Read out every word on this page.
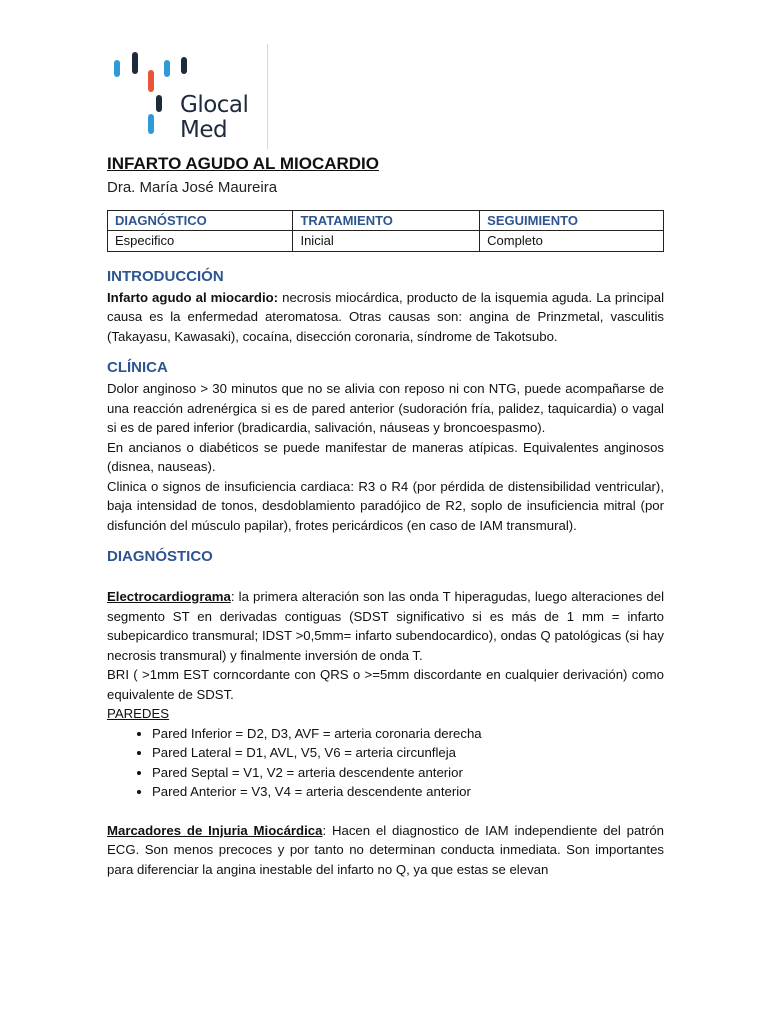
Glocal
Med
INFARTO AGUDO AL MIOCARDIO
Dra. María José Maureira
DIAGNÓSTICO	TRATAMIENTO	SEGUIMIENTO
Especifico	Inicial	Completo
INTRODUCCIÓN

Infarto agudo al miocardio: necrosis miocárdica, producto de la isquemia aguda. La principal causa es la enfermedad ateromatosa. Otras causas son: angina de Prinzmetal, vasculitis (Takayasu, Kawasaki), cocaína, disección coronaria, síndrome de Takotsubo.

CLÍNICA

Dolor anginoso > 30 minutos que no se alivia con reposo ni con NTG, puede acompañarse de una reacción adrenérgica si es de pared anterior (sudoración fría, palidez, taquicardia) o vagal si es de pared inferior (bradicardia, salivación, náuseas y broncoespasmo).

En ancianos o diabéticos se puede manifestar de maneras atípicas. Equivalentes anginosos (disnea, nauseas).

Clinica o signos de insuficiencia cardiaca: R3 o R4 (por pérdida de distensibilidad ventricular), baja intensidad de tonos, desdoblamiento paradójico de R2, soplo de insuficiencia mitral (por disfunción del músculo papilar), frotes pericárdicos (en caso de IAM transmural).

DIAGNÓSTICO

Electrocardiograma: la primera alteración son las onda T hiperagudas, luego alteraciones del segmento ST en derivadas contiguas (SDST significativo si es más de 1 mm = infarto subepicardico transmural; IDST >0,5mm= infarto subendocardico), ondas Q patológicas (si hay necrosis transmural) y finalmente inversión de onda T.

BRI ( >1mm EST corncordante con QRS o >=5mm discordante en cualquier derivación) como equivalente de SDST.

PAREDES
• Pared Inferior = D2, D3, AVF = arteria coronaria derecha
• Pared Lateral = D1, AVL, V5, V6 = arteria circunfleja
• Pared Septal = V1, V2 = arteria descendente anterior
• Pared Anterior = V3, V4 = arteria descendente anterior

Marcadores de Injuria Miocárdica: Hacen el diagnostico de IAM independiente del patrón ECG. Son menos precoces y por tanto no determinan conducta inmediata. Son importantes para diferenciar la angina inestable del infarto no Q, ya que estas se elevan
